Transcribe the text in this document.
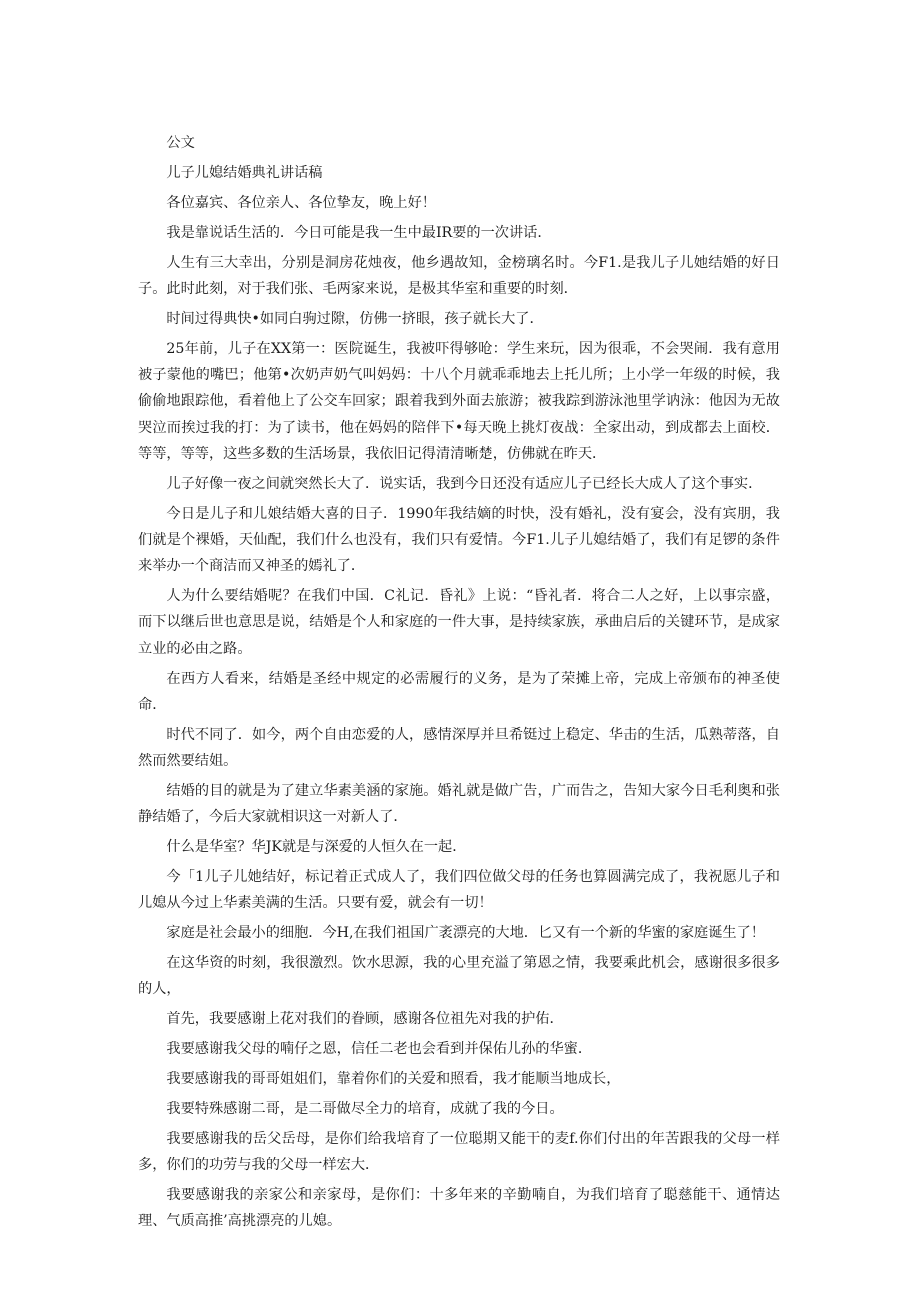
公文

儿子儿媳结婚典礼讲话稿

各位嘉宾、各位亲人、各位挚友，晚上好！

我是靠说话生活的．今日可能是我一生中最IR要的一次讲话．

人生有三大幸出，分别是洞房花烛夜，他乡遇故知，金榜璃名时。今F1.是我儿子儿她结婚的好日子。此时此刻，对于我们张、毛两家来说，是极其华室和重要的时刻．

时间过得典快•如同白驹过隙，仿佛一挤眼，孩子就长大了．

25年前，儿子在XX第一：医院诞生，我被吓得够呛：学生来玩，因为很乖，不会哭闹．我有意用被子蒙他的嘴巴；他第•次奶声奶气叫妈妈：十八个月就乖乖地去上托儿所；上小学一年级的时候，我偷偷地跟踪他，看着他上了公交车回家；跟着我到外面去旅游；被我踪到游泳池里学讷泳：他因为无故哭泣而挨过我的打：为了读书，他在妈妈的陪伴下•每天晚上挑灯夜战：全家出动，到成都去上面校．等等，等等，这些多数的生活场景，我依旧记得清清晰楚，仿佛就在昨天．

儿子好像一夜之间就突然长大了．说实话，我到今日还没有适应儿子已经长大成人了这个事实．

今日是儿子和儿娘结婚大喜的日子．1990年我结嫡的时快，没有婚礼，没有宴会，没有宾朋，我们就是个裸婚，天仙配，我们什么也没有，我们只有爱情。今F1.儿子儿媳结婚了，我们有足锣的条件来举办一个商洁而又神圣的嫣礼了．

人为什么要结婚呢？在我们中国．C礼记．昏礼》上说：“昏礼者．将合二人之好，上以事宗盛，而下以继后世也意思是说，结婚是个人和家庭的一件大事，是持续家族，承曲启后的关键环节，是成家立业的必由之路。

在西方人看来，结婚是圣经中规定的必需履行的义务，是为了荣摊上帝，完成上帝颁布的神圣使命．

时代不同了．如今，两个自由恋爱的人，感情深厚并旦希铤过上稳定、华击的生活，瓜熟蒂落，自然而然要结姐。

结婚的目的就是为了建立华素美涵的家施。婚礼就是做广告，广而告之，告知大家今日毛利奥和张静结婚了，今后大家就相识这一对新人了．

什么是华室？华JK就是与深爱的人恒久在一起．

今「1儿子儿她结好，标记着正式成人了，我们四位做父母的任务也算圆满完成了，我祝愿儿子和儿媳从今过上华素美满的生活。只要有爱，就会有一切！

家庭是社会最小的细胞．今H,在我们祖国广袤漂亮的大地．匕又有一个新的华蜜的家庭诞生了！

在这华资的时刻，我很激烈。饮水思源，我的心里充溢了第恩之情，我要乘此机会，感谢很多很多的人，

首先，我要感谢上花对我们的眷顾，感谢各位祖先对我的护佑．

我要感谢我父母的喃仔之恩，信任二老也会看到并保佑儿孙的华蜜．

我要感谢我的哥哥姐姐们，靠着你们的关爱和照看，我才能顺当地成长，

我要特殊感谢二哥，是二哥做尽全力的培育，成就了我的今日。

我要感谢我的岳父岳母，是你们给我培育了一位聪期又能干的麦f.你们付出的年苦跟我的父母一样多，你们的功劳与我的父母一样宏大．

我要感谢我的亲家公和亲家母，是你们：十多年来的辛勤喃自，为我们培育了聪慈能干、通情达理、气质高推’高挑漂亮的儿媳。
